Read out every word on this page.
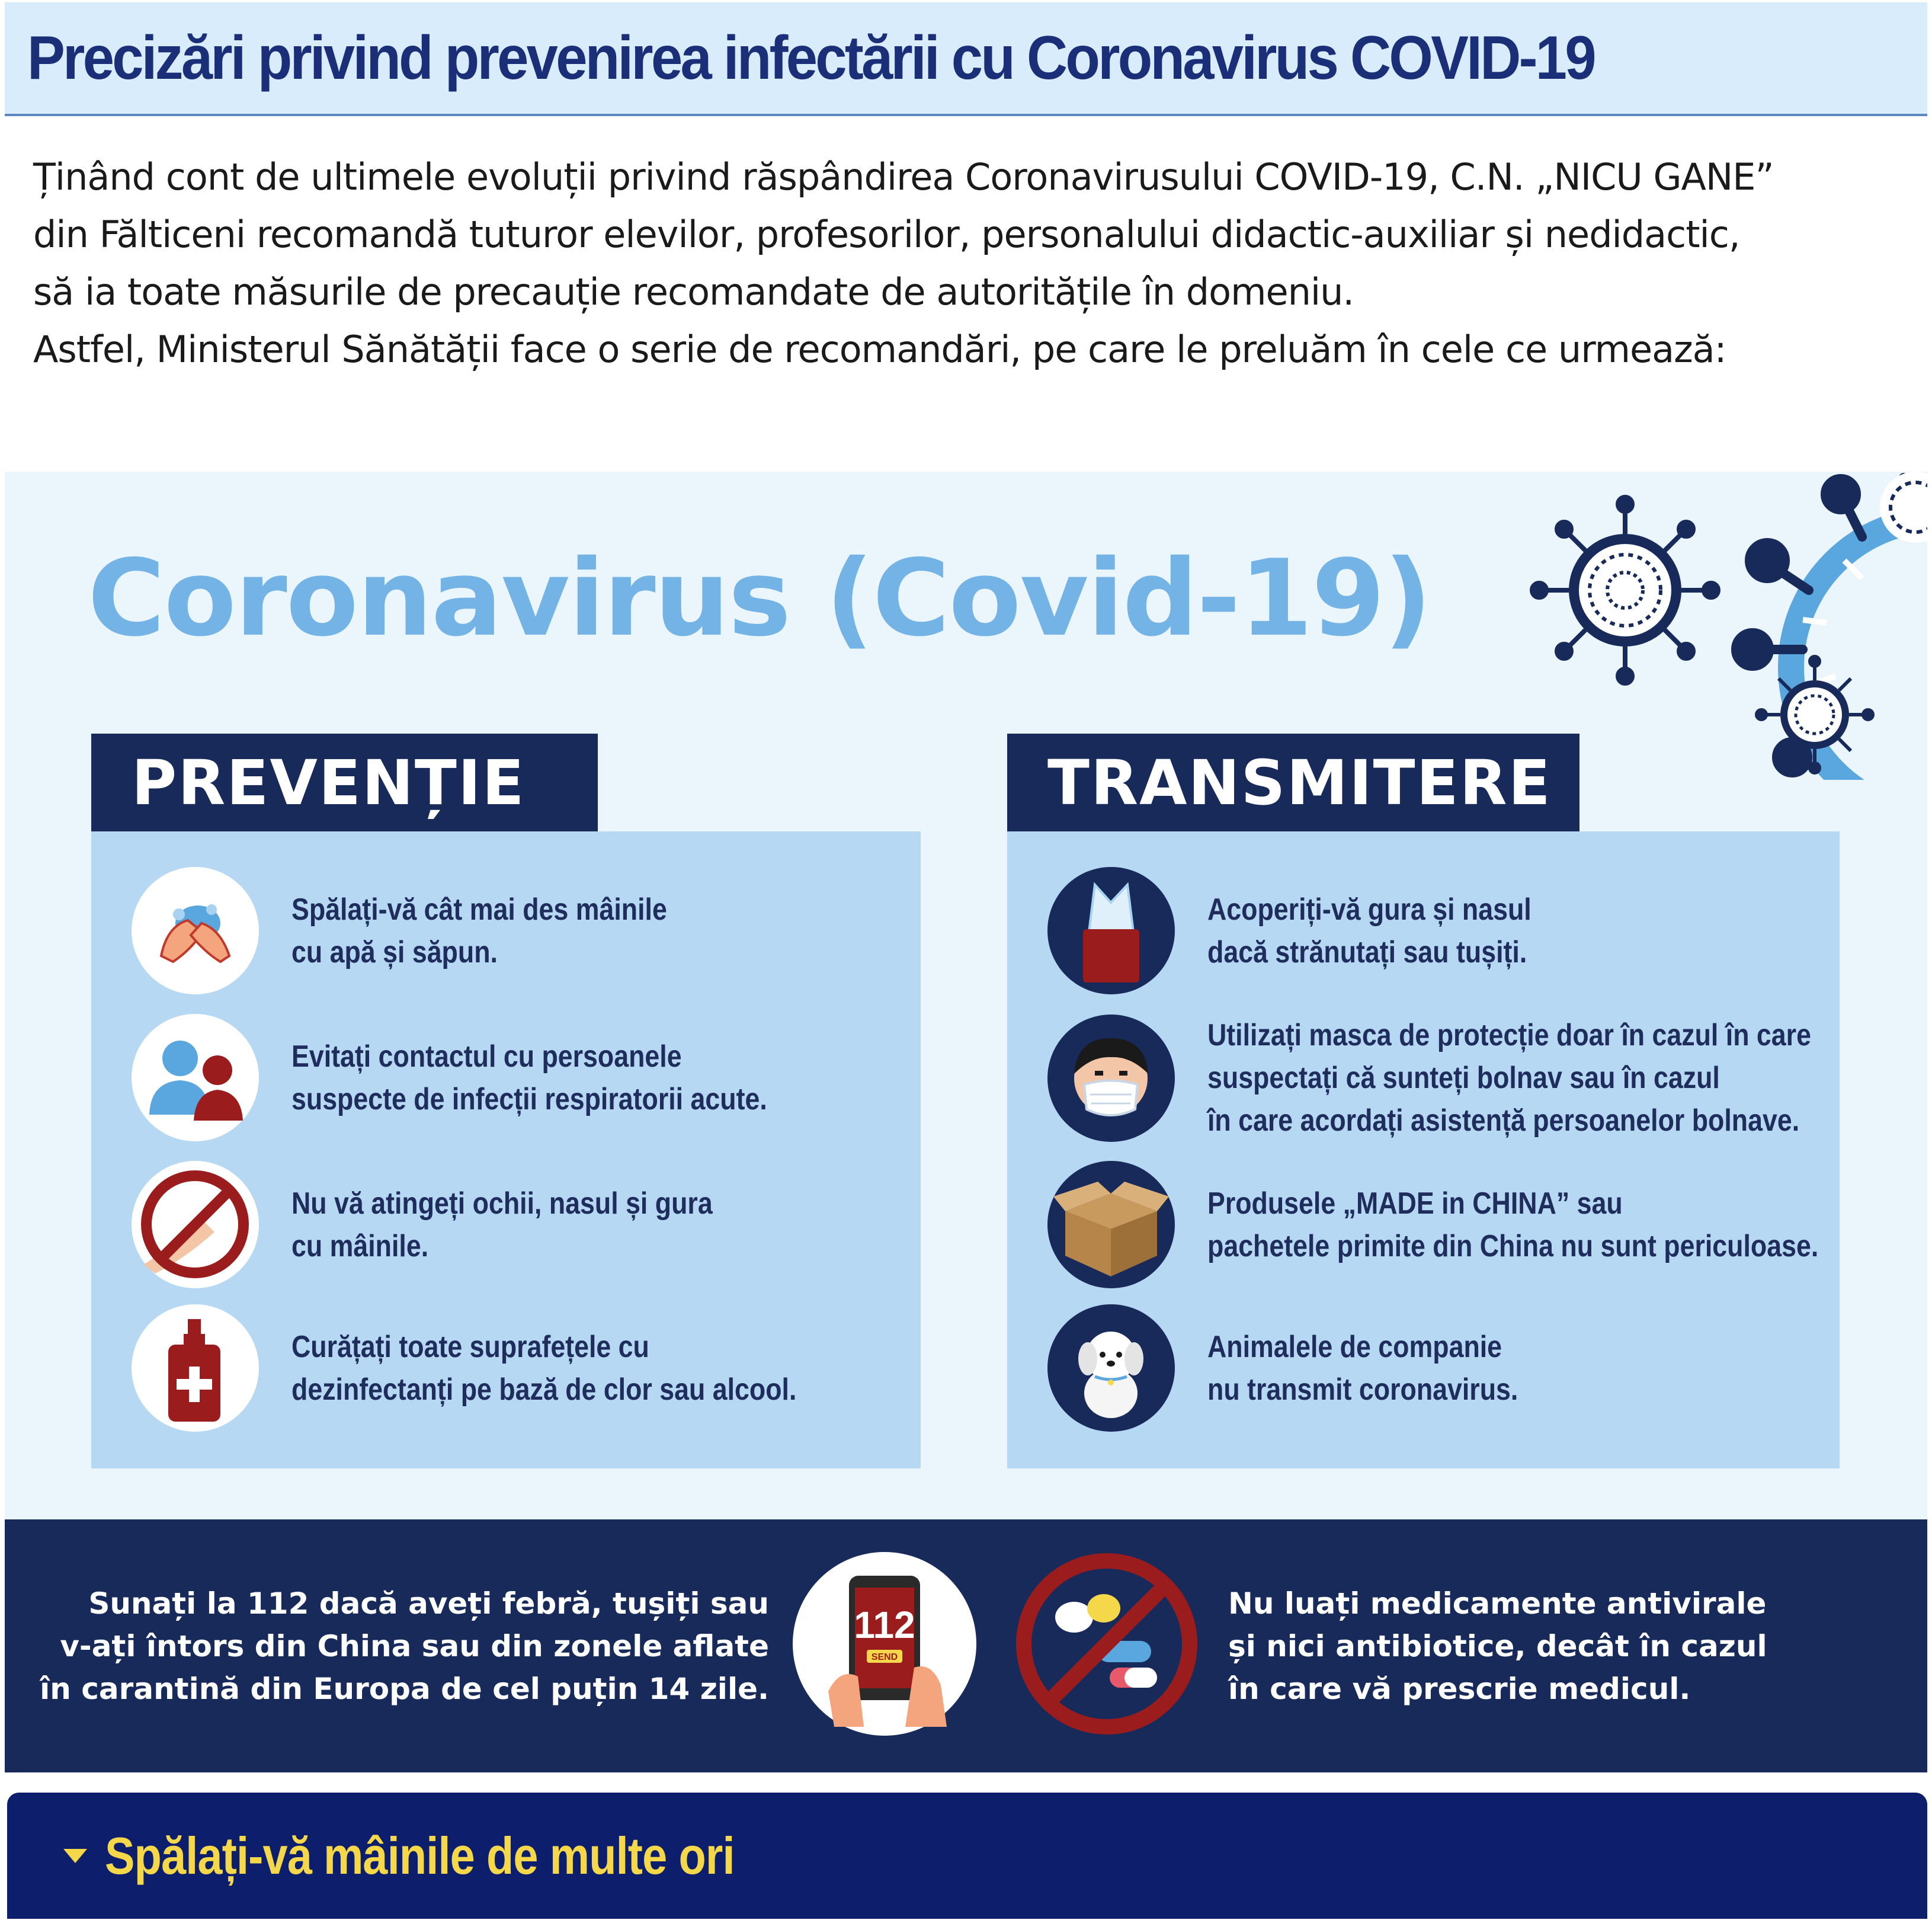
Precizări privind prevenirea infectării cu Coronavirus COVID-19

Ținând cont de ultimele evoluții privind răspândirea Coronavirusului COVID-19, C.N. „NICU GANE”

din Fălticeni recomandă tuturor elevilor, profesorilor, personalului didactic-auxiliar și nedidactic,

să ia toate măsurile de precauție recomandate de autoritățile în domeniu.

Astfel, Ministerul Sănătății face o serie de recomandări, pe care le preluăm în cele ce urmează:

Coronavirus (Covid-19)
PREVENȚIE
Spălați-vă cât mai des mâinile
cu apă și săpun.
Evitați contactul cu persoanele
suspecte de infecții respiratorii acute.
Nu vă atingeți ochii, nasul și gura
cu mâinile.
Curățați toate suprafețele cu
dezinfectanți pe bază de clor sau alcool.
TRANSMITERE
Acoperiți-vă gura și nasul
dacă strănutați sau tușiți.
Utilizați masca de protecție doar în cazul în care
suspectați că sunteți bolnav sau în cazul
în care acordați asistență persoanelor bolnave.
Produsele „MADE in CHINA” sau
pachetele primite din China nu sunt periculoase.
Animalele de companie
nu transmit coronavirus.
Sunați la 112 dacă aveți febră, tușiți sau
v-ați întors din China sau din zonele aflate
în carantină din Europa de cel puțin 14 zile.
112
SEND
Nu luați medicamente antivirale
și nici antibiotice, decât în cazul
în care vă prescrie medicul.
Spălați-vă mâinile de multe ori
